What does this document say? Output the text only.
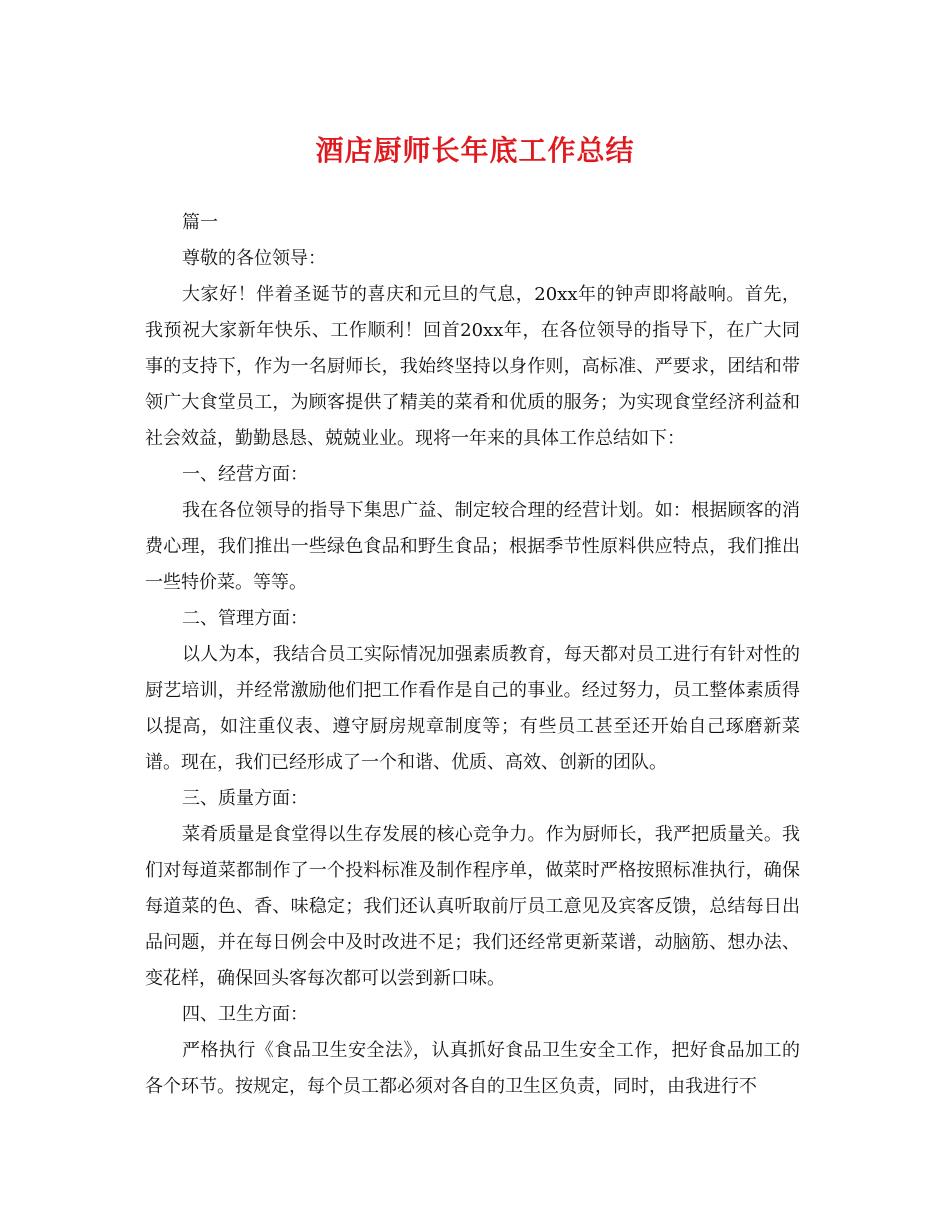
酒店厨师长年底工作总结

篇一

尊敬的各位领导：

大家好！伴着圣诞节的喜庆和元旦的气息，20xx年的钟声即将敲响。首先，我预祝大家新年快乐、工作顺利！回首20xx年，在各位领导的指导下，在广大同事的支持下，作为一名厨师长，我始终坚持以身作则，高标准、严要求，团结和带领广大食堂员工，为顾客提供了精美的菜肴和优质的服务；为实现食堂经济利益和社会效益，勤勤恳恳、兢兢业业。现将一年来的具体工作总结如下：

一、经营方面：

我在各位领导的指导下集思广益、制定较合理的经营计划。如：根据顾客的消费心理，我们推出一些绿色食品和野生食品；根据季节性原料供应特点，我们推出一些特价菜。等等。

二、管理方面：

以人为本，我结合员工实际情况加强素质教育，每天都对员工进行有针对性的厨艺培训，并经常激励他们把工作看作是自己的事业。经过努力，员工整体素质得以提高，如注重仪表、遵守厨房规章制度等；有些员工甚至还开始自己琢磨新菜谱。现在，我们已经形成了一个和谐、优质、高效、创新的团队。

三、质量方面：

菜肴质量是食堂得以生存发展的核心竞争力。作为厨师长，我严把质量关。我们对每道菜都制作了一个投料标准及制作程序单，做菜时严格按照标准执行，确保每道菜的色、香、味稳定；我们还认真听取前厅员工意见及宾客反馈，总结每日出品问题，并在每日例会中及时改进不足；我们还经常更新菜谱，动脑筋、想办法、变花样，确保回头客每次都可以尝到新口味。

四、卫生方面：

严格执行《食品卫生安全法》，认真抓好食品卫生安全工作，把好食品加工的各个环节。按规定，每个员工都必须对各自的卫生区负责，同时，由我进行不
